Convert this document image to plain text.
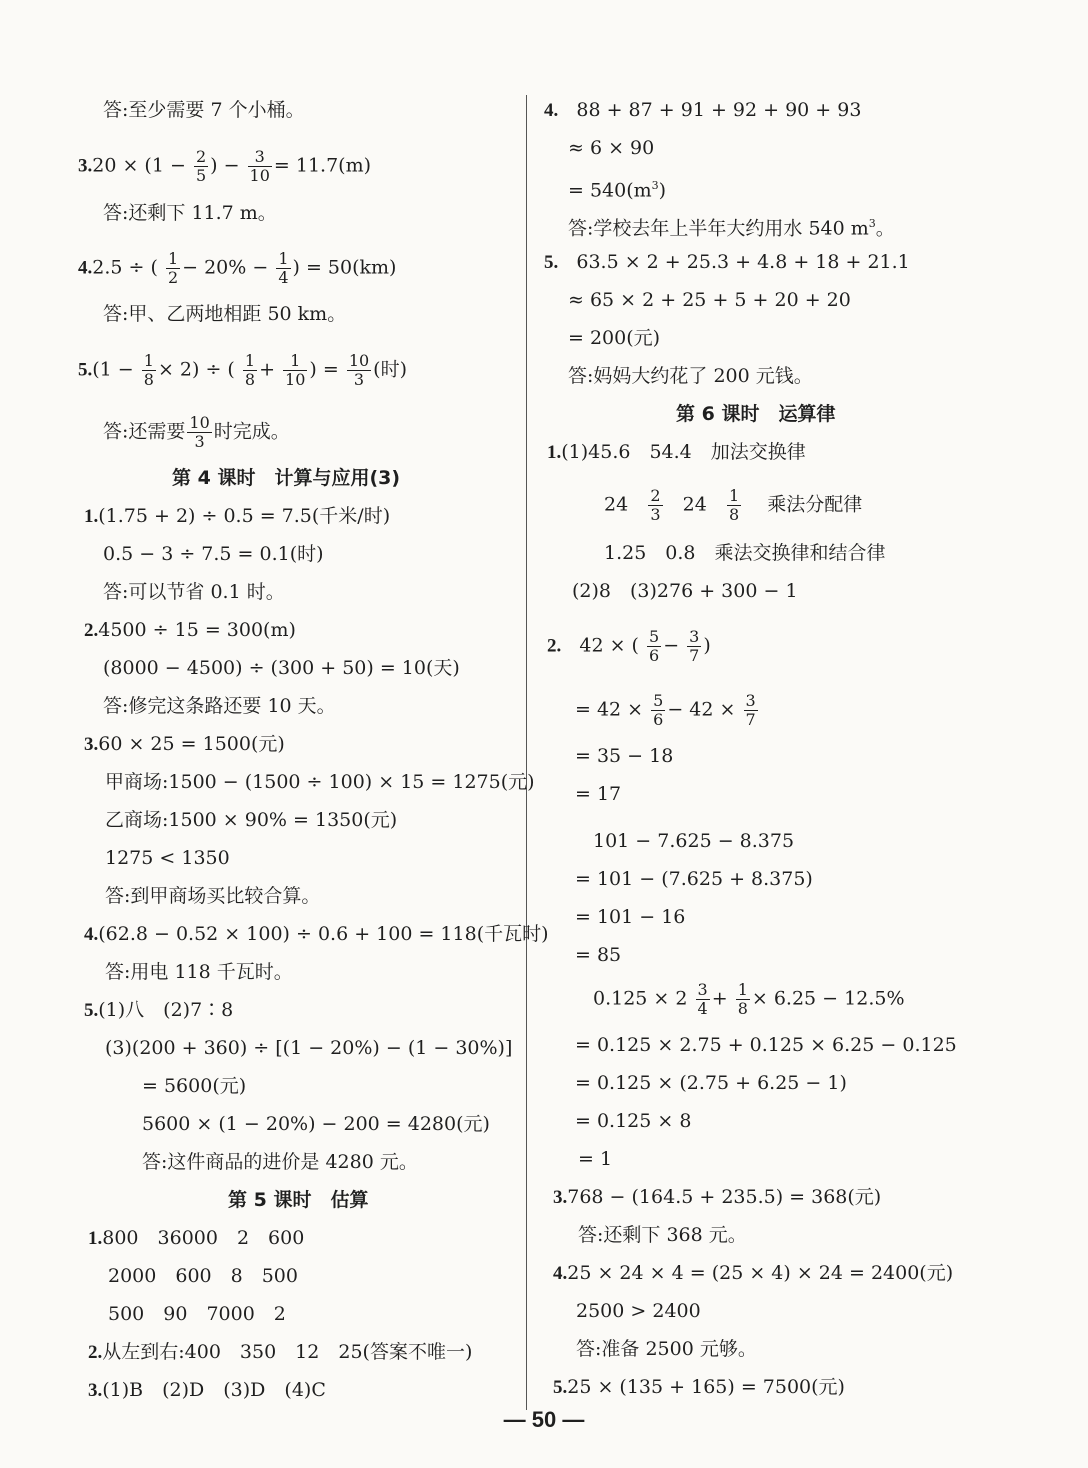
答:至少需要 7 个小桶。
$3.20 \times (1 - \frac{2}{5}$ ) − $\frac{3}{10} = 11.7(m)$
答:还剩下 11.7 m。
4.2.5 ÷ ( $\frac{1}{2} - 20\% - \frac{1}{4}$ ) = 50(km)
答:甲、乙两地相距 50 km。
$5.(1 - \frac{1}{8} \times 2)$ ÷ ( $\frac{1}{8} + \frac{1}{10}$ ) = $\frac{10}{3}$ (时)
答:还需要 $\frac{10}{3}$ 时完成。
第 4 课时　计算与应用(3)
1.(1.75 + 2) ÷ 0.5 = 7.5(千米/时)
0.5 − 3 ÷ 7.5 = 0.1(时)
答:可以节省 0.1 时。
2.4500 ÷ 15 = 300(m)
(8000 − 4500) ÷ (300 + 50) = 10(天)
答:修完这条路还要 10 天。
3.60 × 25 = 1500(元)
甲商场:1500 − (1500 ÷ 100) × 15 = 1275(元)
乙商场:1500 × 90% = 1350(元)
1275 < 1350
答:到甲商场买比较合算。
4.(62.8 − 0.52 × 100) ÷ 0.6 + 100 = 118(千瓦时)
答:用电 118 千瓦时。
5.(1)八　(2)7∶8
(3)(200 + 360) ÷ [(1 − 20%) − (1 − 30%)]
= 5600(元)
5600 × (1 − 20%) − 200 = 4280(元)
答:这件商品的进价是 4280 元。
第 5 课时　估算
1.800　36000　2　600
2000　600　8　500
500　90　7000　2
2.从左到右:400　350　12　25(答案不唯一)
3.(1)B　(2)D　(3)D　(4)C
4. 88 + 87 + 91 + 92 + 90 + 93
≈ 6 × 90
= $540(m^3)$
答:学校去年上半年大约用水 540 $m^3$。
5. 63.5 × 2 + 25.3 + 4.8 + 18 + 21.1
≈ 65 × 2 + 25 + 5 + 20 + 20
= 200(元)
答:妈妈大约花了 200 元钱。
第 6 课时　运算律
1.(1)45.6　54.4　加法交换律
$24 \frac{2}{3} 24 \frac{1}{8}$ 乘法分配律
1.25　0.8　乘法交换律和结合律
(2)8　(3)276 + 300 − 1
2. 42 × ( $\frac{5}{6} - \frac{3}{7}$ )
= $42 \times \frac{5}{6} - 42 \times \frac{3}{7}$
= 35 − 18
= 17
101 − 7.625 − 8.375
= 101 − (7.625 + 8.375)
= 101 − 16
= 85
$0.125 \times 2 \frac{3}{4} + \frac{1}{8} \times 6.25 - 12.5\%$
= 0.125 × 2.75 + 0.125 × 6.25 − 0.125
= 0.125 × (2.75 + 6.25 − 1)
= 0.125 × 8
= 1
3.768 − (164.5 + 235.5) = 368(元)
答:还剩下 368 元。
4.25 × 24 × 4 = (25 × 4) × 24 = 2400(元)
2500 > 2400
答:准备 2500 元够。
5.25 × (135 + 165) = 7500(元)
— 50 —
